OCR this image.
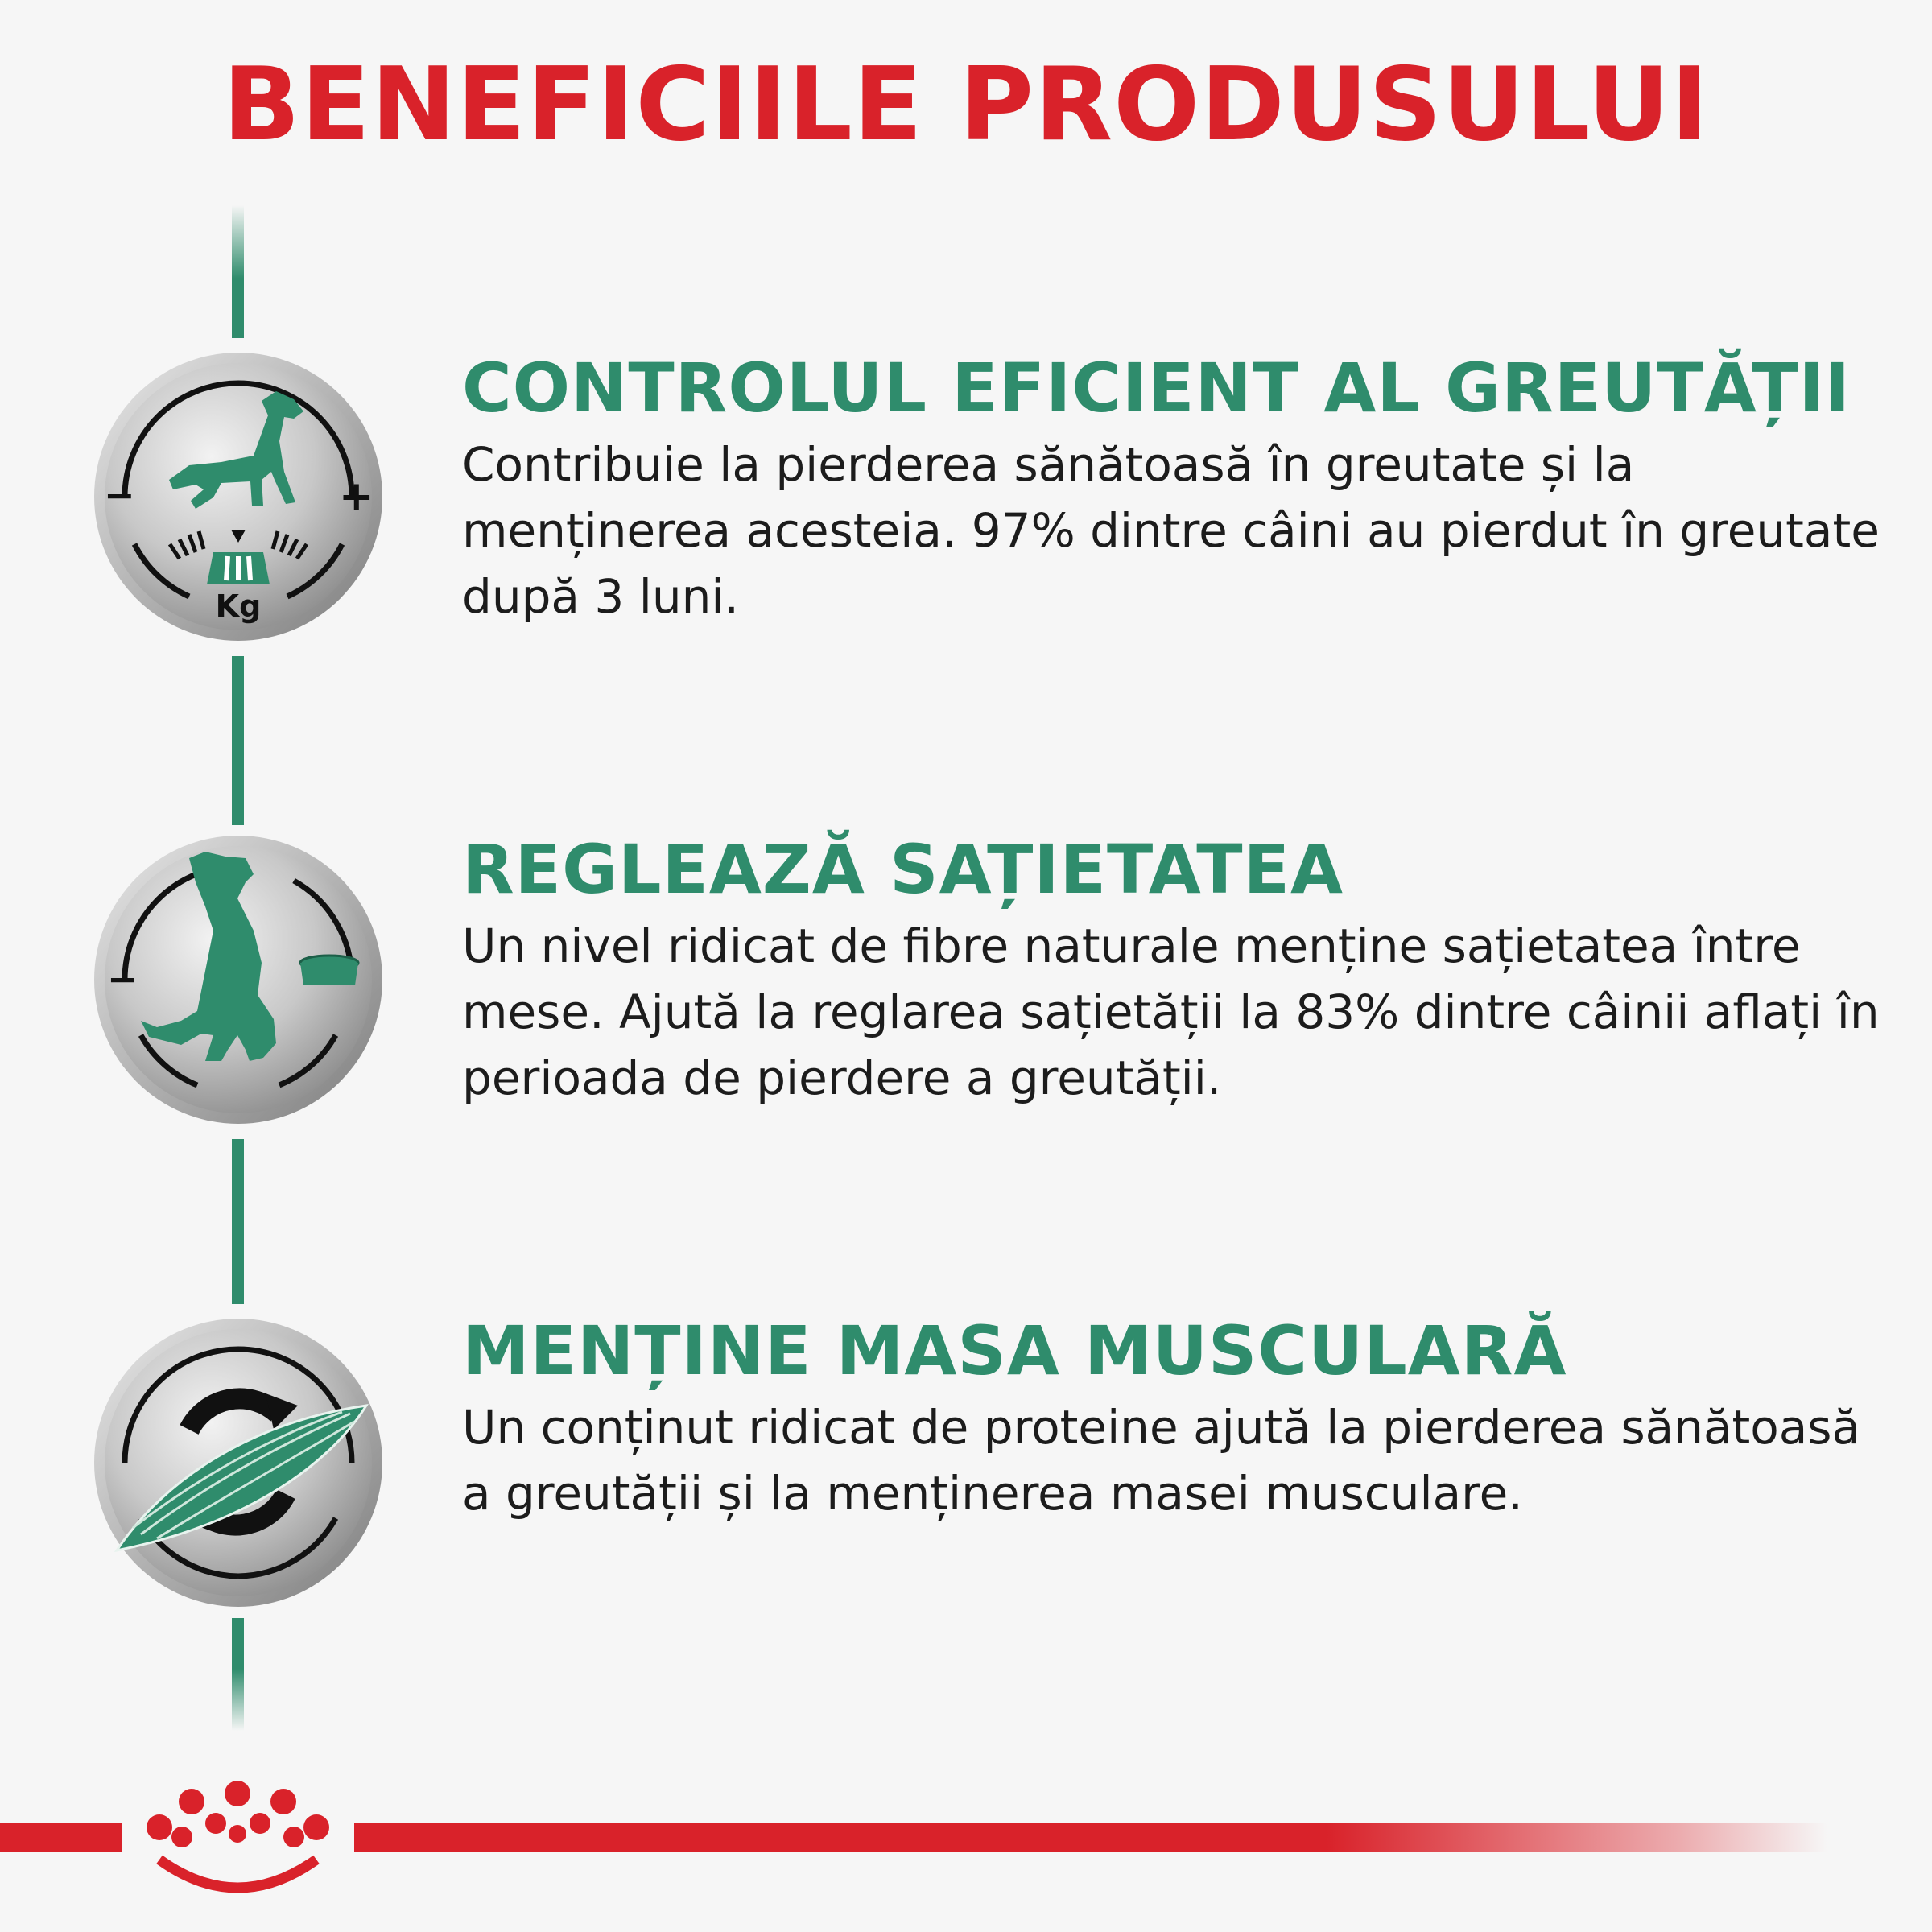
BENEFICIILE PRODUSULUI
−	+
Kg
CONTROLUL EFICIENT AL GREUTĂȚII
Contribuie la pierderea sănătoasă în greutate și la menținerea acesteia. 97% dintre câini au pierdut în greutate după 3 luni.
−
REGLEAZĂ SAȚIETATEA
Un nivel ridicat de fibre naturale menține sațietatea între mese. Ajută la reglarea sațietății la 83% dintre câinii aflați în perioada de pierdere a greutății.
MENȚINE MASA MUSCULARĂ
Un conținut ridicat de proteine ajută la pierderea sănătoasă a greutății și la menținerea masei musculare.
